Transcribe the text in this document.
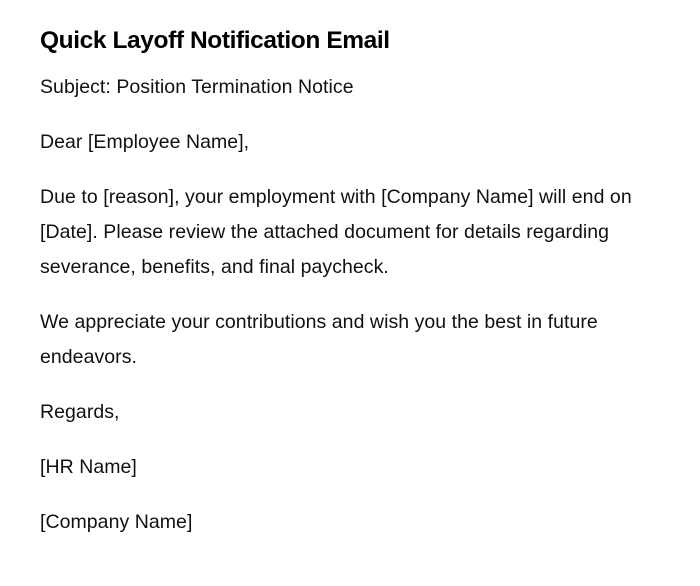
Quick Layoff Notification Email

Subject: Position Termination Notice

Dear [Employee Name],

Due to [reason], your employment with [Company Name] will end on [Date]. Please review the attached document for details regarding severance, benefits, and final paycheck.

We appreciate your contributions and wish you the best in future endeavors.

Regards,

[HR Name]

[Company Name]
